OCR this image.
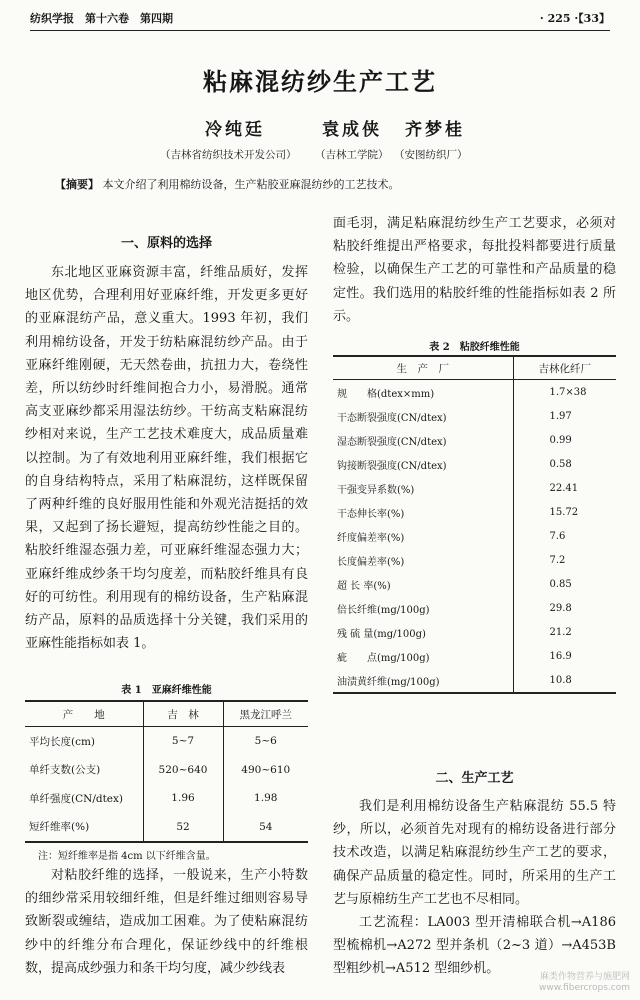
纺织学报　第十六卷　第四期	· 225 ·【33】
粘麻混纺纱生产工艺
冷纯廷	袁成侠 齐梦桂
（吉林省纺织技术开发公司） （吉林工学院） （安图纺织厂）
【摘要】 本文介绍了利用棉纺设备，生产粘胶亚麻混纺纱的工艺技术。
一、原料的选择

东北地区亚麻资源丰富，纤维品质好，发挥地区优势，合理利用好亚麻纤维，开发更多更好的亚麻混纺产品，意义重大。1993 年初，我们利用棉纺设备，开发于纺粘麻混纺纱产品。由于亚麻纤维刚硬，无天然卷曲，抗扭力大，卷绕性差，所以纺纱时纤维间抱合力小，易滑脱。通常高支亚麻纱都采用湿法纺纱。干纺高支粘麻混纺纱相对来说，生产工艺技术难度大，成品质量难以控制。为了有效地利用亚麻纤维，我们根据它的自身结构特点，采用了粘麻混纺，这样既保留了两种纤维的良好服用性能和外观光洁挺括的效果，又起到了扬长避短，提高纺纱性能之目的。粘胶纤维湿态强力差，可亚麻纤维湿态强力大；亚麻纤维成纱条干均匀度差，而粘胶纤维具有良好的可纺性。利用现有的棉纺设备，生产粘麻混纺产品，原料的品质选择十分关键，我们采用的亚麻性能指标如表 1。

表 1　亚麻纤维性能
产　　地	吉　林	黑龙江呼兰
平均长度(cm)	5~7	5~6
单纤支数(公支)	520~640	490~610
单纤强度(CN/dtex)	1.96	1.98
短纤维率(%)	52	54
注：短纤维率是指 4cm 以下纤维含量。

对粘胶纤维的选择，一般说来，生产小特数的细纱常采用较细纤维，但是纤维过细则容易导致断裂或缠结，造成加工困难。为了使粘麻混纺纱中的纤维分布合理化，保证纱线中的纤维根数，提高成纱强力和条干均匀度，减少纱线表

面毛羽，满足粘麻混纺纱生产工艺要求，必须对粘胶纤维提出严格要求，每批投料都要进行质量检验，以确保生产工艺的可靠性和产品质量的稳定性。我们选用的粘胶纤维的性能指标如表 2 所示。

表 2　粘胶纤维性能
生　产　厂	吉林化纤厂
规　　格(dtex×mm)	1.7×38
干态断裂强度(CN/dtex)	1.97
湿态断裂强度(CN/dtex)	0.99
钩接断裂强度(CN/dtex)	0.58
干强变异系数(%)	22.41
干态伸长率(%)	15.72
纤度偏差率(%)	7.6
长度偏差率(%)	7.2
超 长 率(%)	0.85
倍长纤维(mg/100g)	29.8
残 硫 量(mg/100g)	21.2
疵　　点(mg/100g)	16.9
油渍黄纤维(mg/100g)	10.8
二、生产工艺

我们是利用棉纺设备生产粘麻混纺 55.5 特纱，所以，必须首先对现有的棉纺设备进行部分技术改造，以满足粘麻混纺纱生产工艺的要求，确保产品质量的稳定性。同时，所采用的生产工艺与原棉纺生产工艺也不尽相同。

工艺流程：LA003 型开清棉联合机→A186 型梳棉机→A272 型并条机（2~3 道）→A453B 型粗纱机→A512 型细纱机。

麻类作物营养与施肥网
www.fibercrops.com
